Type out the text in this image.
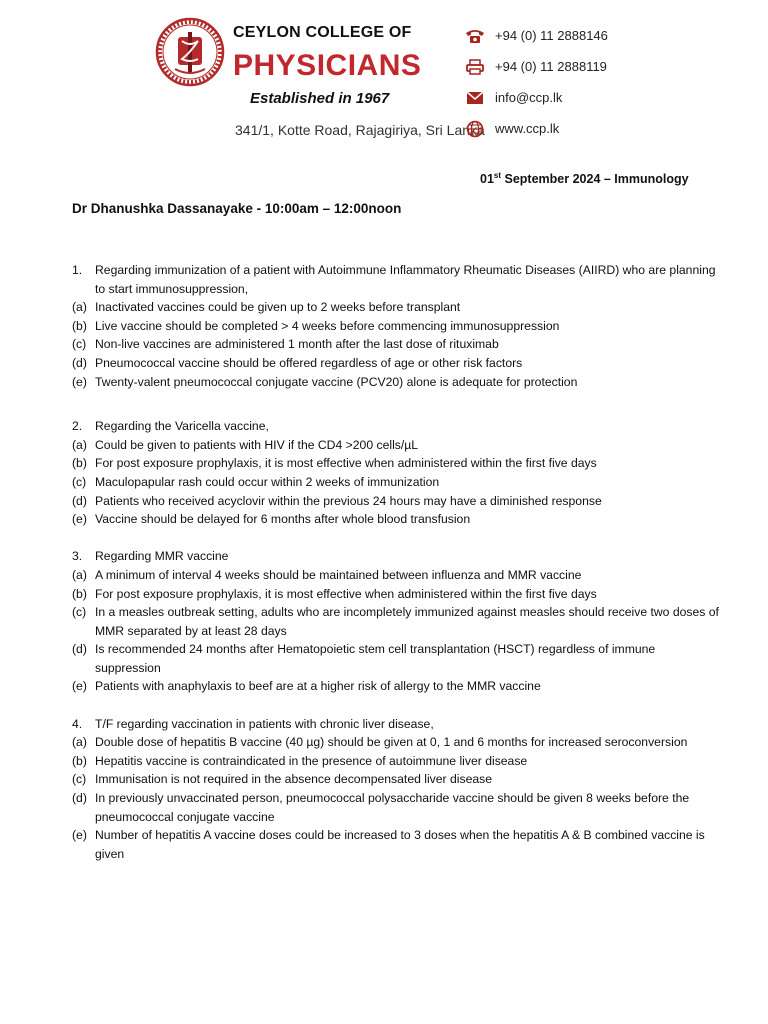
CEYLON COLLEGE OF
PHYSICIANS
Established in 1967
341/1, Kotte Road, Rajagiriya, Sri Lanka
+94 (0) 11 2888146
+94 (0) 11 2888119
info@ccp.lk
www.ccp.lk
01st September 2024 – Immunology
Dr Dhanushka Dassanayake - 10:00am – 12:00noon
1.	Regarding immunization of a patient with Autoimmune Inflammatory Rheumatic Diseases (AIIRD) who are planning to start immunosuppression,
(a) Inactivated vaccines could be given up to 2 weeks before transplant
(b) Live vaccine should be completed > 4 weeks before commencing immunosuppression
(c) Non-live vaccines are administered 1 month after the last dose of rituximab
(d) Pneumococcal vaccine should be offered regardless of age or other risk factors
(e) Twenty-valent pneumococcal conjugate vaccine (PCV20) alone is adequate for protection
2.	Regarding the Varicella vaccine,
(a) Could be given to patients with HIV if the CD4 >200 cells/µL
(b) For post exposure prophylaxis, it is most effective when administered within the first five days
(c) Maculopapular rash could occur within 2 weeks of immunization
(d) Patients who received acyclovir within the previous 24 hours may have a diminished response
(e) Vaccine should be delayed for 6 months after whole blood transfusion
3.	Regarding MMR vaccine
(a) A minimum of interval 4 weeks should be maintained between influenza and MMR vaccine
(b) For post exposure prophylaxis, it is most effective when administered within the first five days
(c) In a measles outbreak setting, adults who are incompletely immunized against measles should receive two doses of MMR separated by at least 28 days
(d) Is recommended 24 months after Hematopoietic stem cell transplantation (HSCT) regardless of immune suppression
(e) Patients with anaphylaxis to beef are at a higher risk of allergy to the MMR vaccine
4.	T/F regarding vaccination in patients with chronic liver disease,
(a) Double dose of hepatitis B vaccine (40 µg) should be given at 0, 1 and 6 months for increased seroconversion
(b) Hepatitis vaccine is contraindicated in the presence of autoimmune liver disease
(c) Immunisation is not required in the absence decompensated liver disease
(d) In previously unvaccinated person, pneumococcal polysaccharide vaccine should be given 8 weeks before the pneumococcal conjugate vaccine
(e) Number of hepatitis A vaccine doses could be increased to 3 doses when the hepatitis A & B combined vaccine is given
